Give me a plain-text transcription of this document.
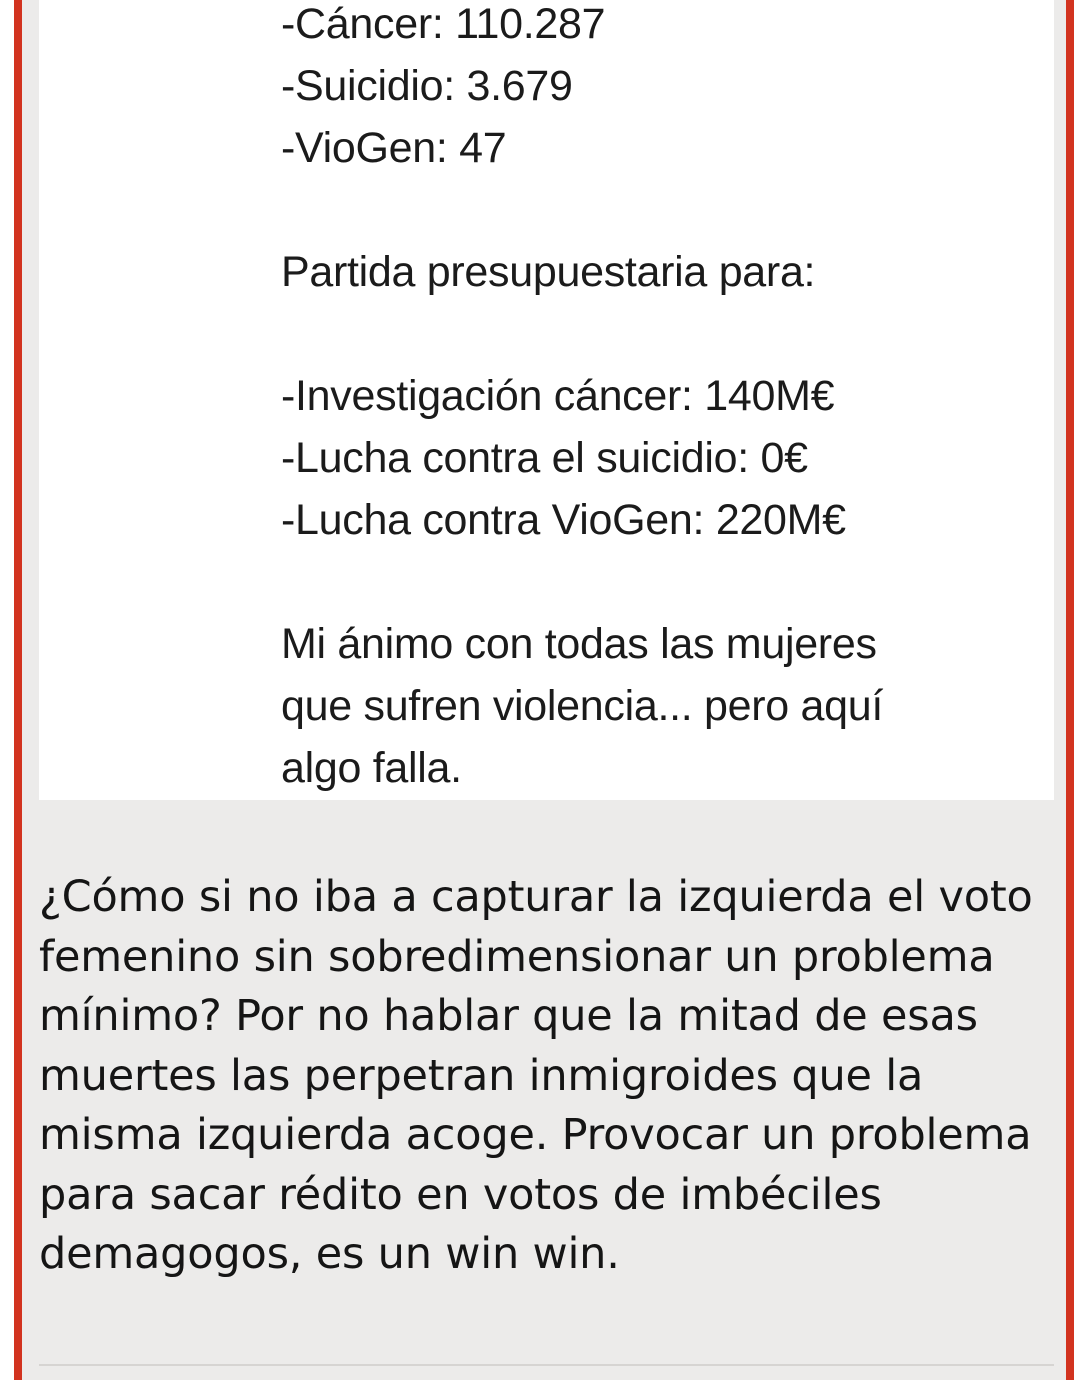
-Cáncer: 110.287
-Suicidio: 3.679
-VioGen: 47
Partida presupuestaria para:
-Investigación cáncer: 140M€
-Lucha contra el suicidio: 0€
-Lucha contra VioGen: 220M€
Mi ánimo con todas las mujeres
que sufren violencia... pero aquí
algo falla.
¿Cómo si no iba a capturar la izquierda el voto femenino sin sobredimensionar un problema mínimo? Por no hablar que la mitad de esas muertes las perpetran inmigroides que la misma izquierda acoge. Provocar un problema para sacar rédito en votos de imbéciles demagogos, es un win win.
